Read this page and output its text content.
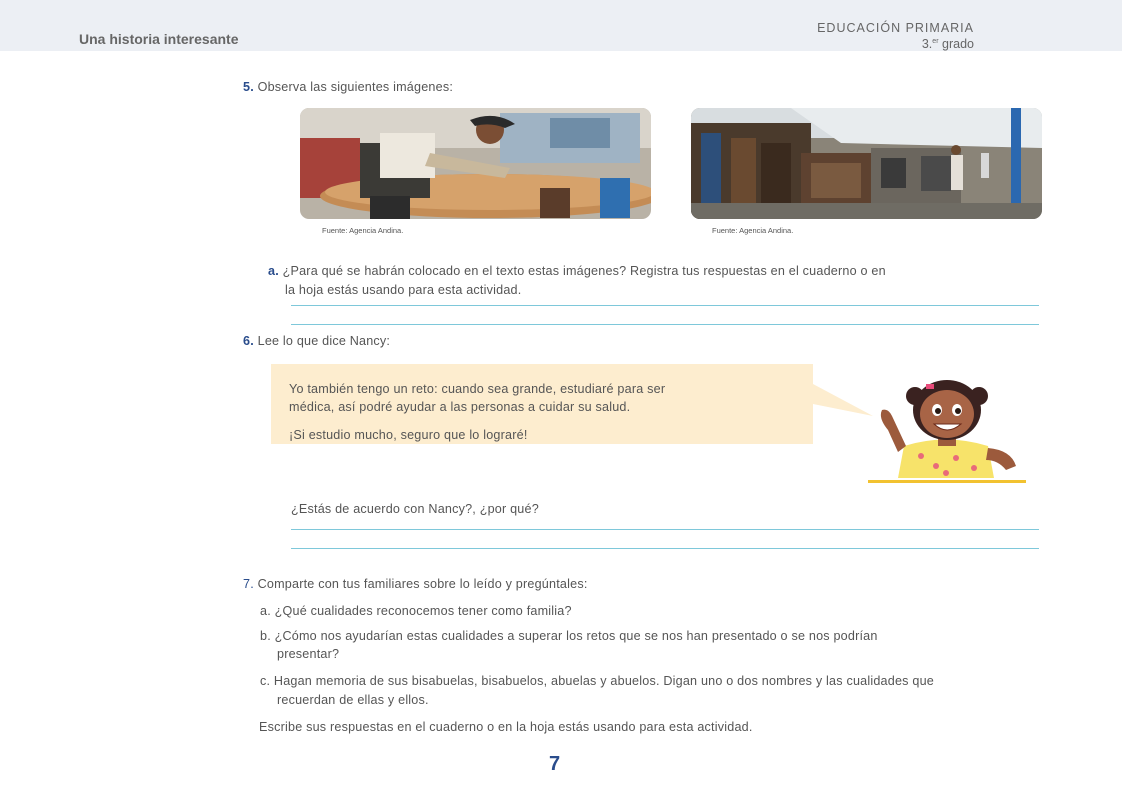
Una historia interesante
EDUCACIÓN PRIMARIA
3.$^{er}$ grado
5. Observa las siguientes imágenes:
Fuente: Agencia Andina.	Fuente: Agencia Andina.
a. ¿Para qué se habrán colocado en el texto estas imágenes? Registra tus respuestas en el cuaderno o en
la hoja estás usando para esta actividad.
6. Lee lo que dice Nancy:
Yo también tengo un reto: cuando sea grande, estudiaré para ser
médica, así podré ayudar a las personas a cuidar su salud.
¡Si estudio mucho, seguro que lo lograré!
¿Estás de acuerdo con Nancy?, ¿por qué?
7. Comparte con tus familiares sobre lo leído y pregúntales:
a. ¿Qué cualidades reconocemos tener como familia?
b. ¿Cómo nos ayudarían estas cualidades a superar los retos que se nos han presentado o se nos podrían
presentar?
c. Hagan memoria de sus bisabuelas, bisabuelos, abuelas y abuelos. Digan uno o dos nombres y las cualidades que
recuerdan de ellas y ellos.
Escribe sus respuestas en el cuaderno o en la hoja estás usando para esta actividad.
7
